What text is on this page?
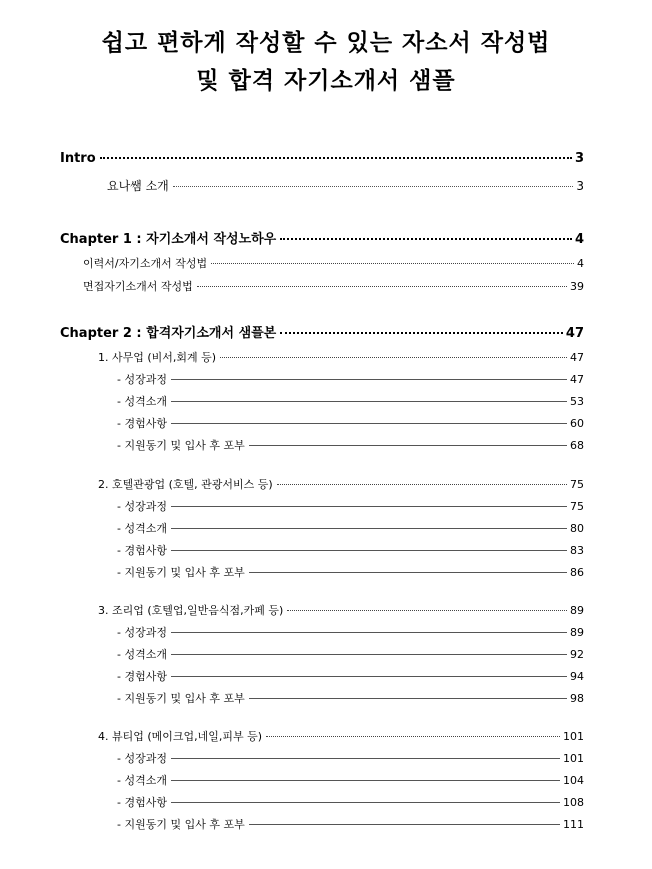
쉽고 편하게 작성할 수 있는 자소서 작성법
및 합격 자기소개서 샘플
Intro	3
요나쌤 소개	3
Chapter 1 : 자기소개서 작성노하우	4
이력서/자기소개서 작성법	4
면접자기소개서 작성법	39
Chapter 2 : 합격자기소개서 샘플본	47
1. 사무업 (비서,회계 등)	47
- 성장과정	47
- 성격소개	53
- 경험사항	60
- 지원동기 및 입사 후 포부	68
2. 호텔관광업 (호텔, 관광서비스 등)	75
- 성장과정	75
- 성격소개	80
- 경험사항	83
- 지원동기 및 입사 후 포부	86
3. 조리업 (호텔업,일반음식점,카페 등)	89
- 성장과정	89
- 성격소개	92
- 경험사항	94
- 지원동기 및 입사 후 포부	98
4. 뷰티업 (메이크업,네일,피부 등)	101
- 성장과정	101
- 성격소개	104
- 경험사항	108
- 지원동기 및 입사 후 포부	111
